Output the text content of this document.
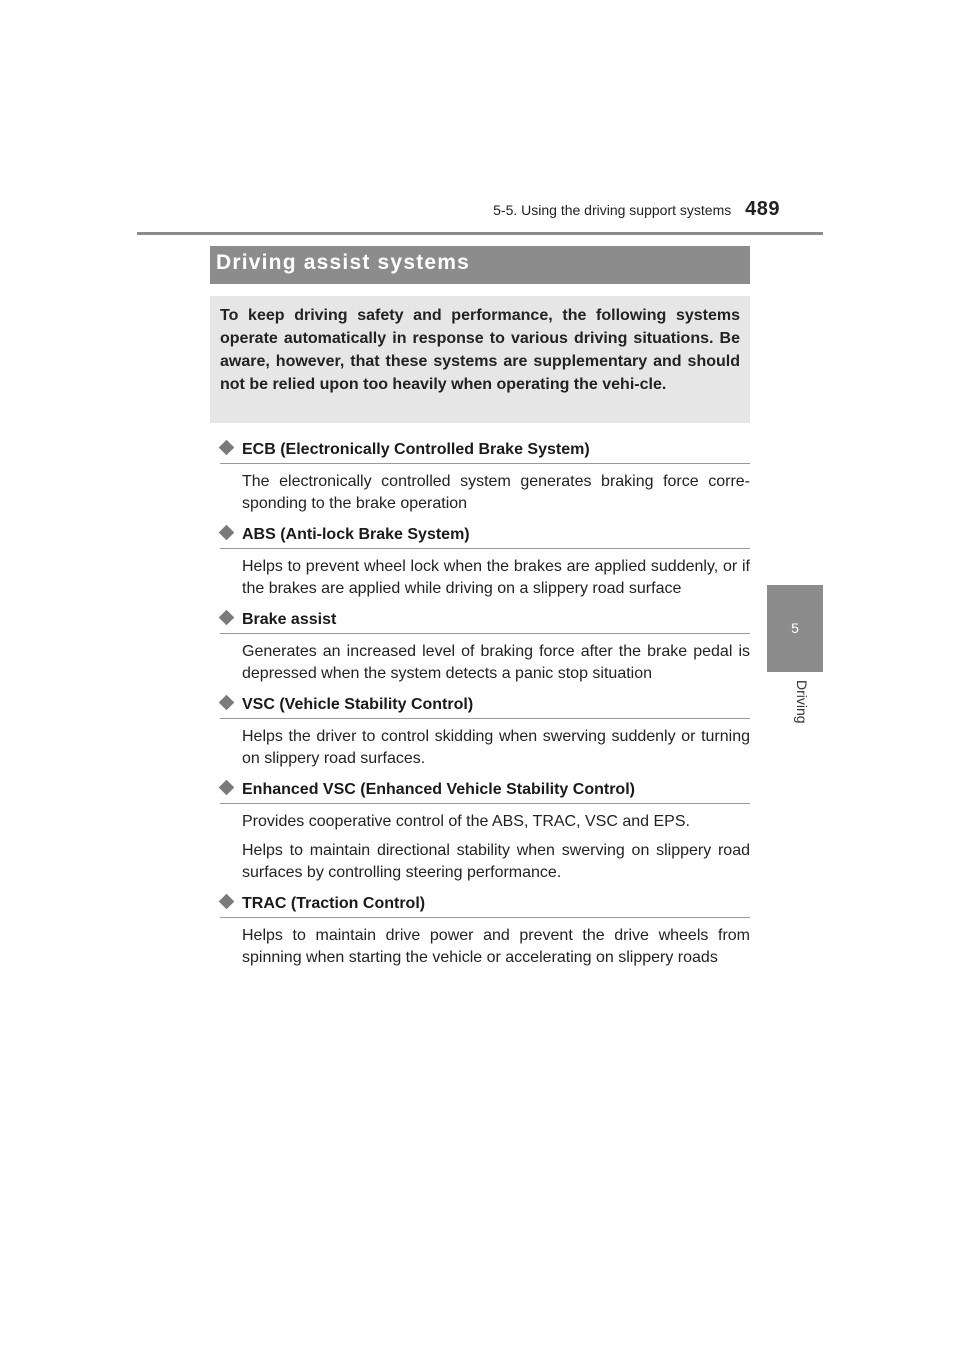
5-5. Using the driving support systems 489
5
Driving
Driving assist systems

To keep driving safety and performance, the following systems operate automatically in response to various driving situations. Be aware, however, that these systems are supplementary and should not be relied upon too heavily when operating the vehi-cle.

ECB (Electronically Controlled Brake System)

The electronically controlled system generates braking force corre-sponding to the brake operation

ABS (Anti-lock Brake System)

Helps to prevent wheel lock when the brakes are applied suddenly, or if the brakes are applied while driving on a slippery road surface

Brake assist

Generates an increased level of braking force after the brake pedal is depressed when the system detects a panic stop situation

VSC (Vehicle Stability Control)

Helps the driver to control skidding when swerving suddenly or turning on slippery road surfaces.

Enhanced VSC (Enhanced Vehicle Stability Control)

Provides cooperative control of the ABS, TRAC, VSC and EPS.

Helps to maintain directional stability when swerving on slippery road surfaces by controlling steering performance.

TRAC (Traction Control)

Helps to maintain drive power and prevent the drive wheels from spinning when starting the vehicle or accelerating on slippery roads
